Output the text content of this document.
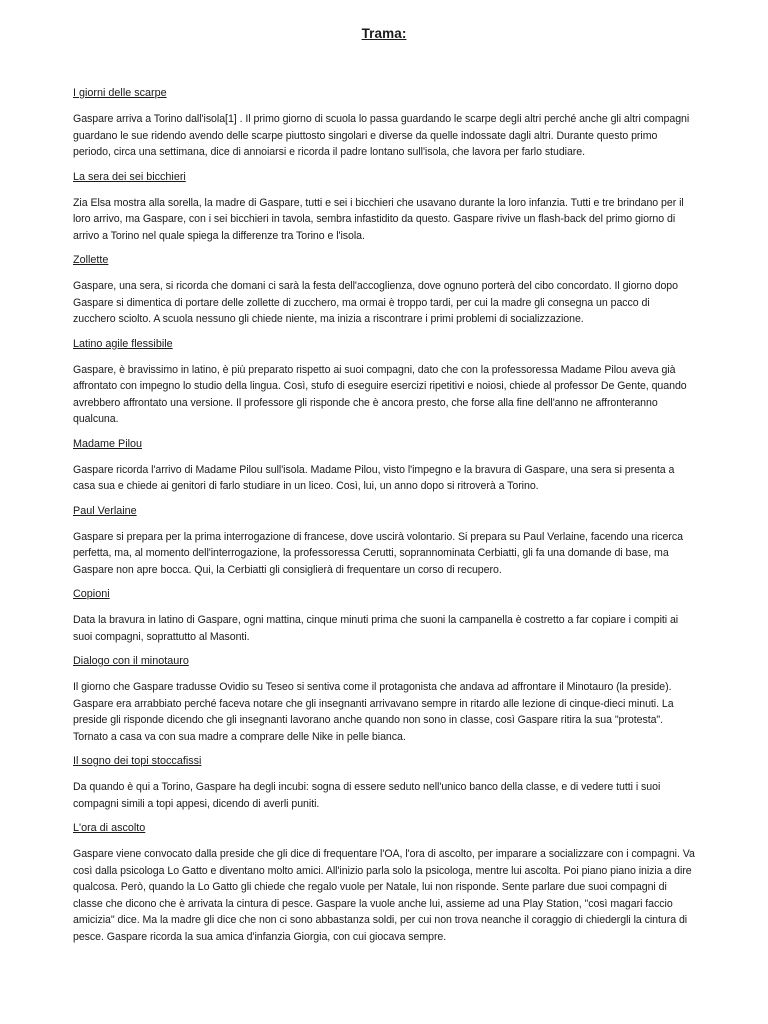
Trama:
I giorni delle scarpe
Gaspare arriva a Torino dall'isola[1] . Il primo giorno di scuola lo passa guardando le scarpe degli altri perché anche gli altri compagni guardano le sue ridendo avendo delle scarpe piuttosto singolari e diverse da quelle indossate dagli altri. Durante questo primo periodo, circa una settimana, dice di annoiarsi e ricorda il padre lontano sull'isola, che lavora per farlo studiare.
La sera dei sei bicchieri
Zia Elsa mostra alla sorella, la madre di Gaspare, tutti e sei i bicchieri che usavano durante la loro infanzia. Tutti e tre brindano per il loro arrivo, ma Gaspare, con i sei bicchieri in tavola, sembra infastidito da questo. Gaspare rivive un flash-back del primo giorno di arrivo a Torino nel quale spiega la differenze tra Torino e l'isola.
Zollette
Gaspare, una sera, si ricorda che domani ci sarà la festa dell'accoglienza, dove ognuno porterà del cibo concordato. Il giorno dopo Gaspare si dimentica di portare delle zollette di zucchero, ma ormai è troppo tardi, per cui la madre gli consegna un pacco di zucchero sciolto. A scuola nessuno gli chiede niente, ma inizia a riscontrare i primi problemi di socializzazione.
Latino agile flessibile
Gaspare, è bravissimo in latino, è più preparato rispetto ai suoi compagni, dato che con la professoressa Madame Pilou aveva già affrontato con impegno lo studio della lingua. Così, stufo di eseguire esercizi ripetitivi e noiosi, chiede al professor De Gente, quando avrebbero affrontato una versione. Il professore gli risponde che è ancora presto, che forse alla fine dell'anno ne affronteranno qualcuna.
Madame Pilou
Gaspare ricorda l'arrivo di Madame Pilou sull'isola. Madame Pilou, visto l'impegno e la bravura di Gaspare, una sera si presenta a casa sua e chiede ai genitori di farlo studiare in un liceo. Così, lui, un anno dopo si ritroverà a Torino.
Paul Verlaine
Gaspare si prepara per la prima interrogazione di francese, dove uscirà volontario. Si prepara su Paul Verlaine, facendo una ricerca perfetta, ma, al momento dell'interrogazione, la professoressa Cerutti, soprannominata Cerbiatti, gli fa una domande di base, ma Gaspare non apre bocca. Qui, la Cerbiatti gli consiglierà di frequentare un corso di recupero.
Copioni
Data la bravura in latino di Gaspare, ogni mattina, cinque minuti prima che suoni la campanella è costretto a far copiare i compiti ai suoi compagni, soprattutto al Masonti.
Dialogo con il minotauro
Il giorno che Gaspare tradusse Ovidio su Teseo si sentiva come il protagonista che andava ad affrontare il Minotauro (la preside). Gaspare era arrabbiato perché faceva notare che gli insegnanti arrivavano sempre in ritardo alle lezione di cinque-dieci minuti. La preside gli risponde dicendo che gli insegnanti lavorano anche quando non sono in classe, così Gaspare ritira la sua "protesta". Tornato a casa va con sua madre a comprare delle Nike in pelle bianca.
Il sogno dei topi stoccafissi
Da quando è qui a Torino, Gaspare ha degli incubi: sogna di essere seduto nell'unico banco della classe, e di vedere tutti i suoi compagni simili a topi appesi, dicendo di averli puniti.
L'ora di ascolto
Gaspare viene convocato dalla preside che gli dice di frequentare l'OA, l'ora di ascolto, per imparare a socializzare con i compagni. Va così dalla psicologa Lo Gatto e diventano molto amici. All'inizio parla solo la psicologa, mentre lui ascolta. Poi piano piano inizia a dire qualcosa. Però, quando la Lo Gatto gli chiede che regalo vuole per Natale, lui non risponde. Sente parlare due suoi compagni di classe che dicono che è arrivata la cintura di pesce. Gaspare la vuole anche lui, assieme ad una Play Station, "così magari faccio amicizia" dice. Ma la madre gli dice che non ci sono abbastanza soldi, per cui non trova neanche il coraggio di chiedergli la cintura di pesce. Gaspare ricorda la sua amica d'infanzia Giorgia, con cui giocava sempre.
